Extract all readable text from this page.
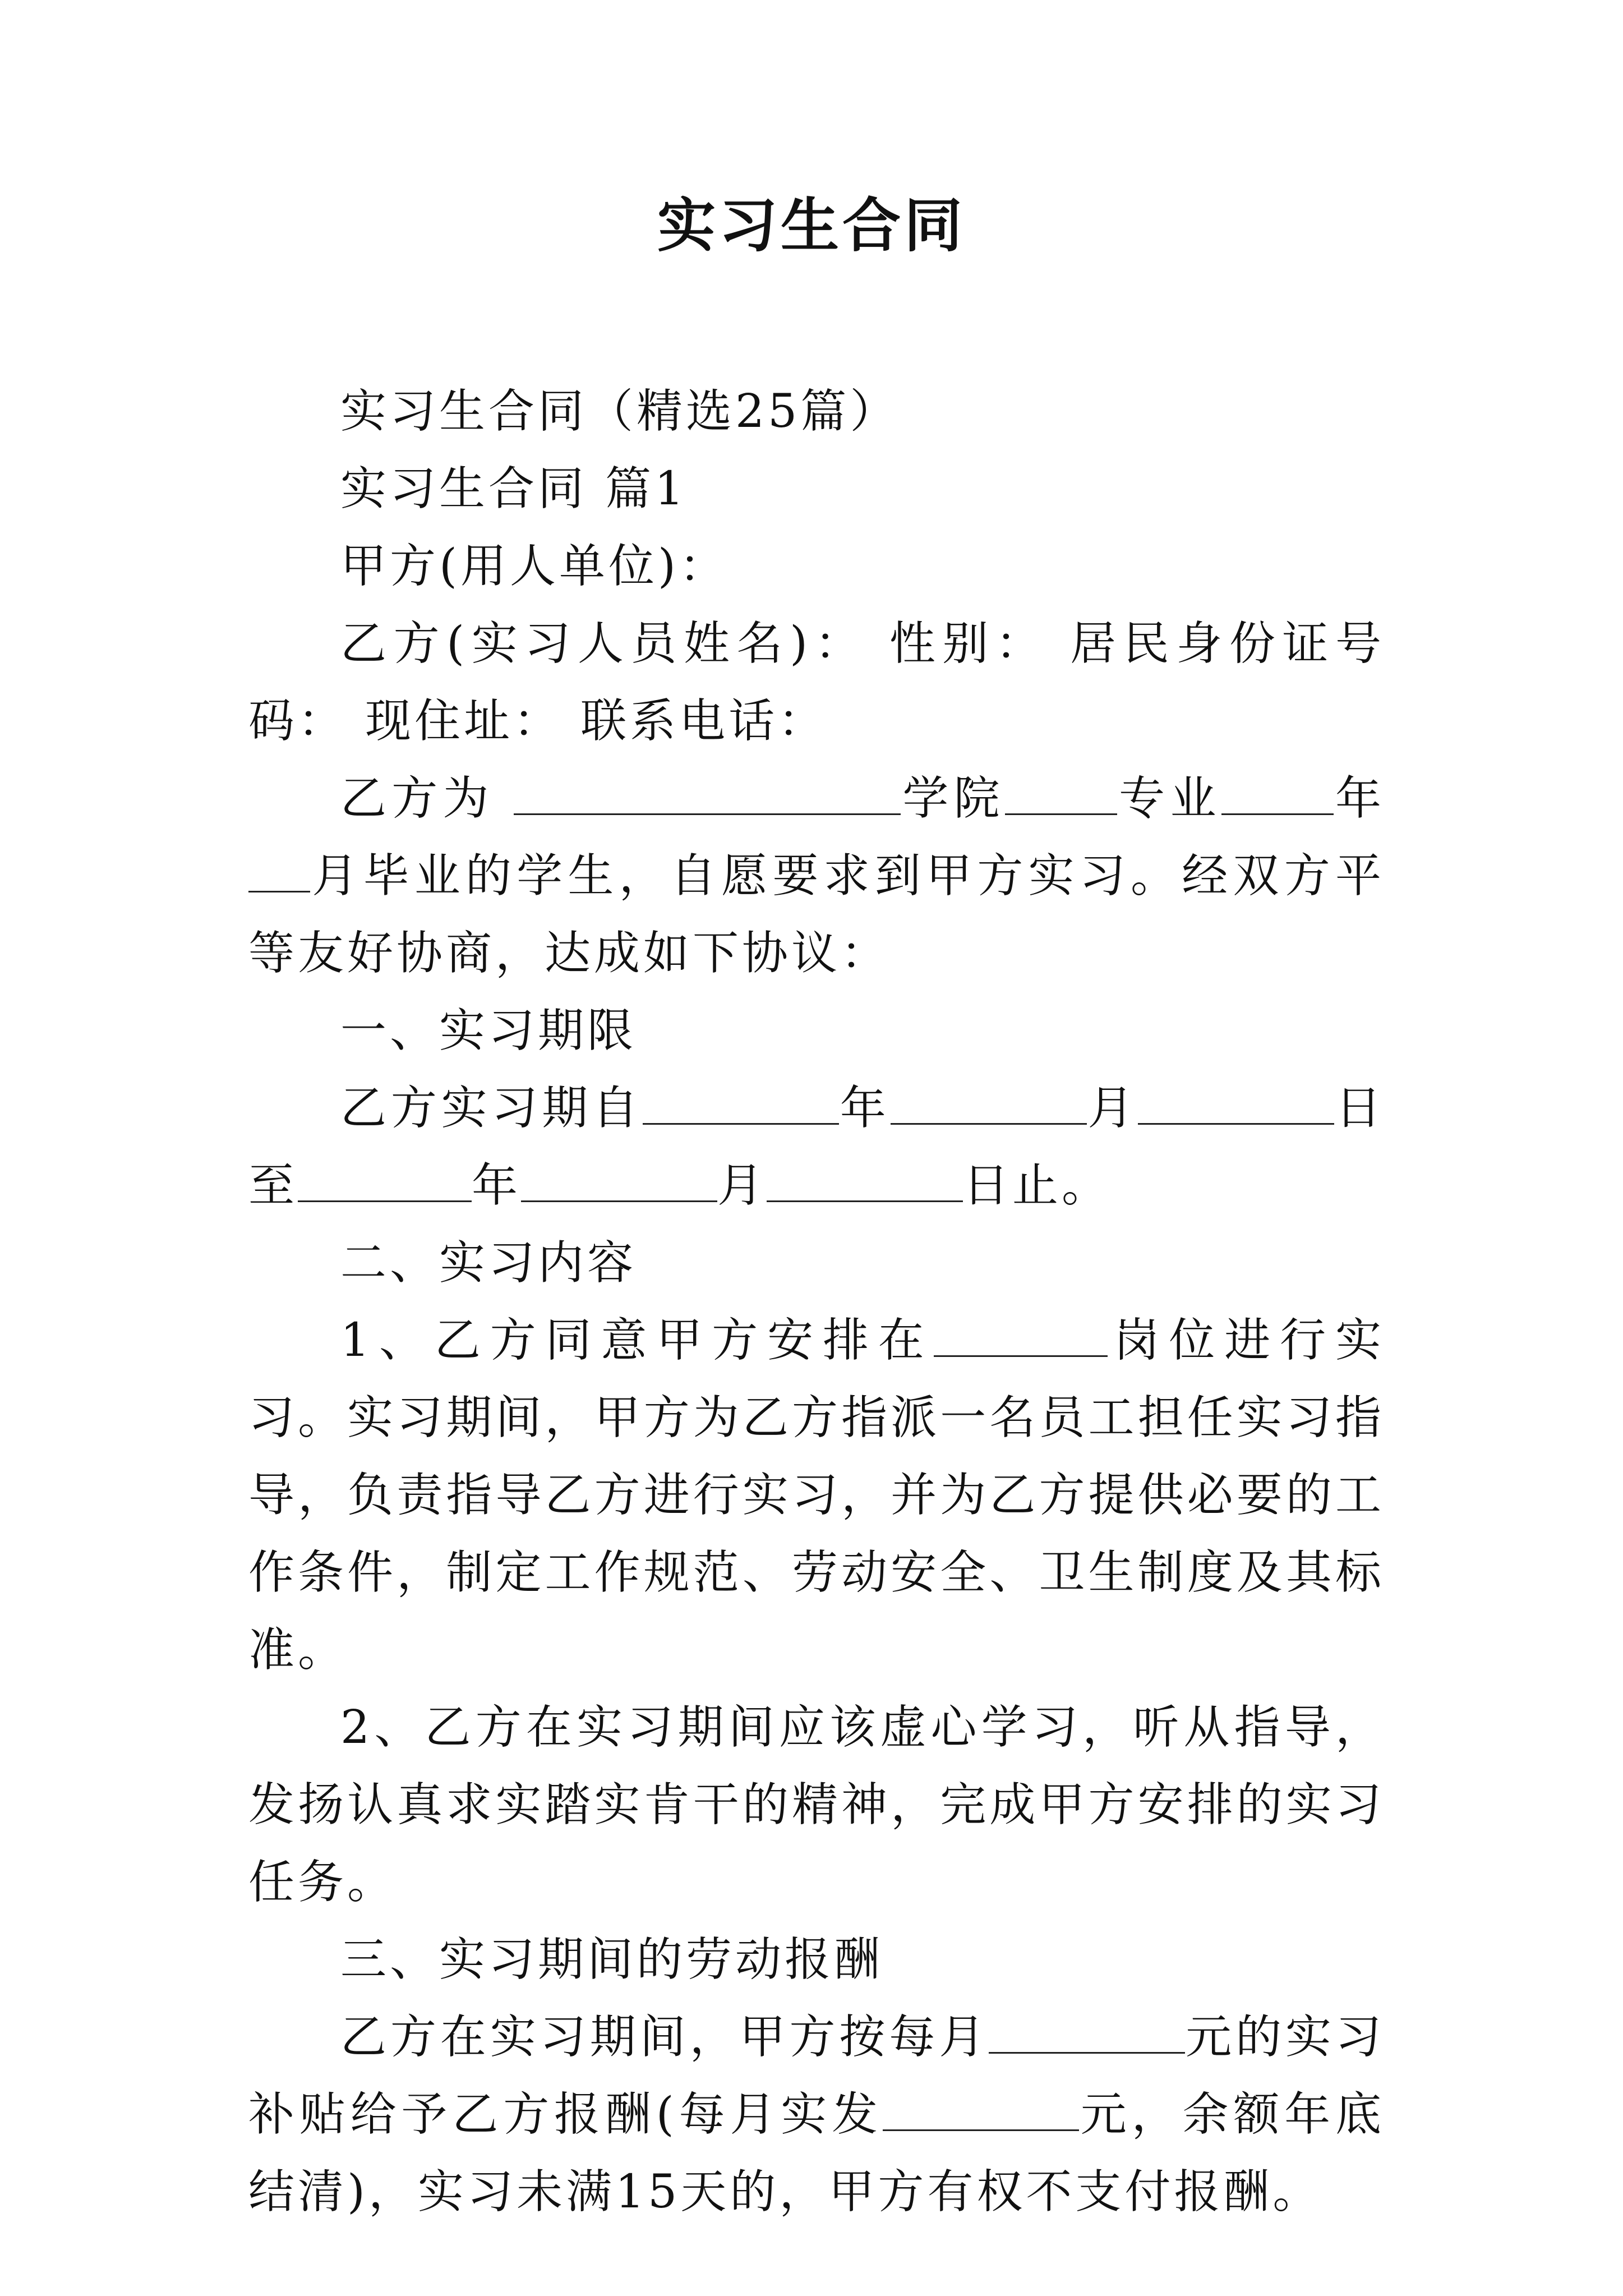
实习生合同

实习生合同（精选25篇）

实习生合同 篇1

甲方(用人单位)：

乙方(实习人员姓名)： 性别： 居民身份证号码： 现住址： 联系电话：

乙方为	学院 专业 年月毕业的学生，自愿要求到甲方实习。经双方平等友好协商，达成如下协议：

一、实习期限

乙方实习期自	年	月	日至	年	月	日止。

二、实习内容

1、乙方同意甲方安排在	岗位进行实习。实习期间，甲方为乙方指派一名员工担任实习指导，负责指导乙方进行实习，并为乙方提供必要的工作条件，制定工作规范、劳动安全、卫生制度及其标准。

2、乙方在实习期间应该虚心学习，听从指导，发扬认真求实踏实肯干的精神，完成甲方安排的实习任务。

三、实习期间的劳动报酬

乙方在实习期间，甲方按每月	元的实习补贴给予乙方报酬(每月实发	元，余额年底结清)，实习未满15天的，甲方有权不支付报酬。
